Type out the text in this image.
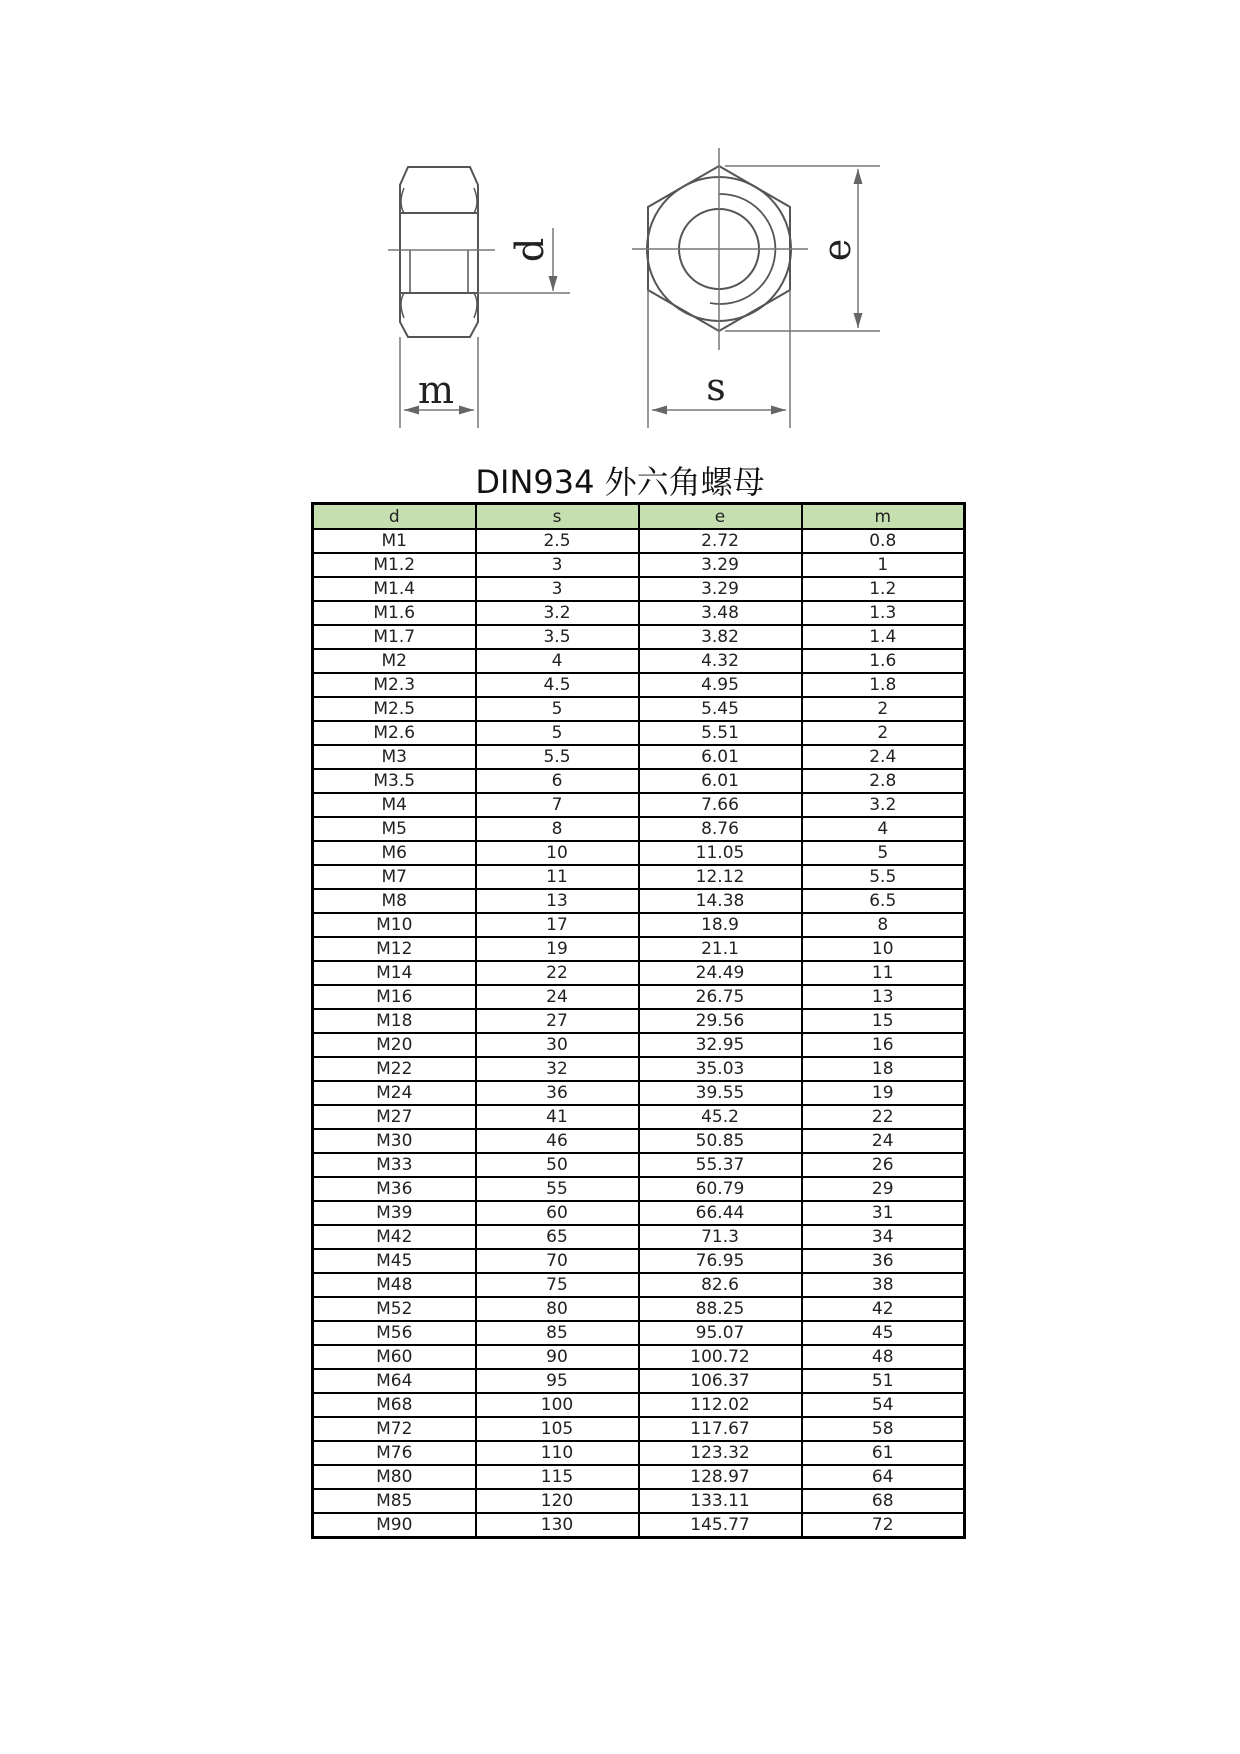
m
d	e
s
DIN934 外六角螺母
d	s	e	m
M1	2.5	2.72	0.8
M1.2	3	3.29	1
M1.4	3	3.29	1.2
M1.6	3.2	3.48	1.3
M1.7	3.5	3.82	1.4
M2	4	4.32	1.6
M2.3	4.5	4.95	1.8
M2.5	5	5.45	2
M2.6	5	5.51	2
M3	5.5	6.01	2.4
M3.5	6	6.01	2.8
M4	7	7.66	3.2
M5	8	8.76	4
M6	10	11.05	5
M7	11	12.12	5.5
M8	13	14.38	6.5
M10	17	18.9	8
M12	19	21.1	10
M14	22	24.49	11
M16	24	26.75	13
M18	27	29.56	15
M20	30	32.95	16
M22	32	35.03	18
M24	36	39.55	19
M27	41	45.2	22
M30	46	50.85	24
M33	50	55.37	26
M36	55	60.79	29
M39	60	66.44	31
M42	65	71.3	34
M45	70	76.95	36
M48	75	82.6	38
M52	80	88.25	42
M56	85	95.07	45
M60	90	100.72	48
M64	95	106.37	51
M68	100	112.02	54
M72	105	117.67	58
M76	110	123.32	61
M80	115	128.97	64
M85	120	133.11	68
M90	130	145.77	72
